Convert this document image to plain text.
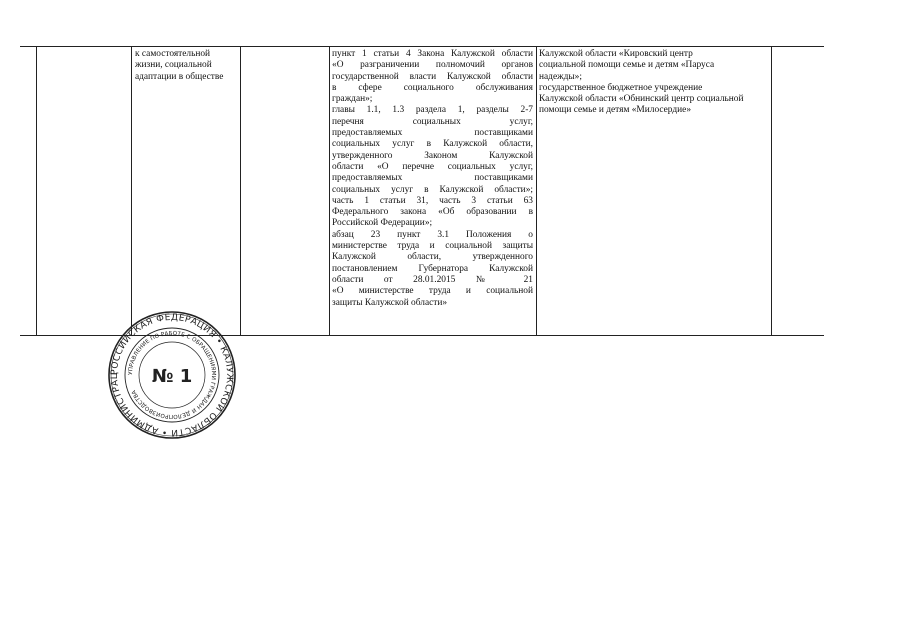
к самостоятельной
жизни, социальной
адаптации в обществе
пункт 1 статьи 4 Закона Калужской области
«О разграничении полномочий органов
государственной власти Калужской области
в сфере социального обслуживания
граждан»;
главы 1.1, 1.3 раздела 1, разделы 2-7
перечня социальных услуг,
предоставляемых поставщиками
социальных услуг в Калужской области,
утвержденного Законом Калужской
области «О перечне социальных услуг,
предоставляемых поставщиками
социальных услуг в Калужской области»;
часть 1 статьи 31, часть 3 статьи 63
Федерального закона «Об образовании в
Российской Федерации»;
абзац 23 пункт 3.1 Положения о
министерстве труда и социальной защиты
Калужской области, утвержденного
постановлением Губернатора Калужской
области от 28.01.2015 № 21
«О министерстве труда и социальной
защиты Калужской области»
Калужской области «Кировский центр
социальной помощи семье и детям «Паруса
надежды»;
государственное бюджетное учреждение
Калужской области «Обнинский центр социальной
помощи семье и детям «Милосердие»
РОССИЙСКАЯ ФЕДЕРАЦИЯ • КАЛУЖСКОЙ ОБЛАСТИ • АДМИНИСТРАЦ	УПРАВЛЕНИЕ ПО РАБОТЕ С ОБРАЩЕНИЯМИ ГРАЖДАН И ДЕЛОПРОИЗВОДСТВА
№ 1
